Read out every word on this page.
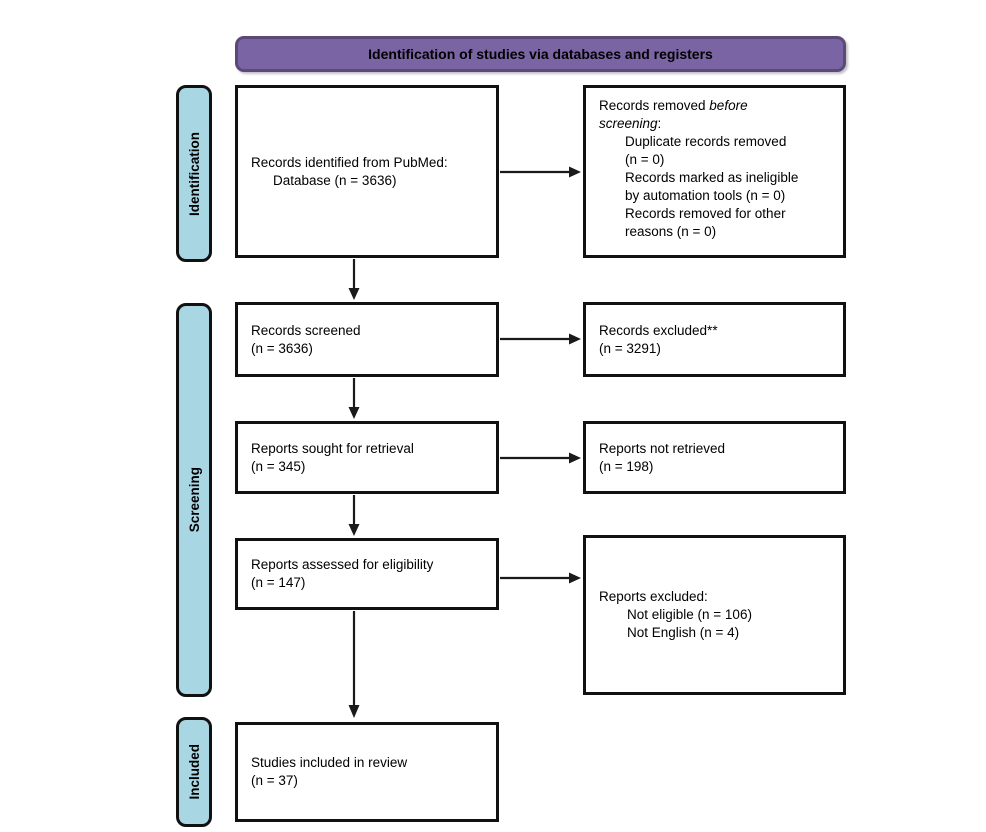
Identification of studies via databases and registers
Identification
Screening
Included
Records identified from PubMed:
Database (n = 3636)
Records screened
(n = 3636)
Reports sought for retrieval
(n = 345)
Reports assessed for eligibility
(n = 147)
Studies included in review
(n = 37)
Records removed before
screening:
Duplicate records removed
(n = 0)
Records marked as ineligible
by automation tools (n = 0)
Records removed for other
reasons (n = 0)
Records excluded**
(n = 3291)
Reports not retrieved
(n = 198)
Reports excluded:
Not eligible (n = 106)
Not English (n = 4)
